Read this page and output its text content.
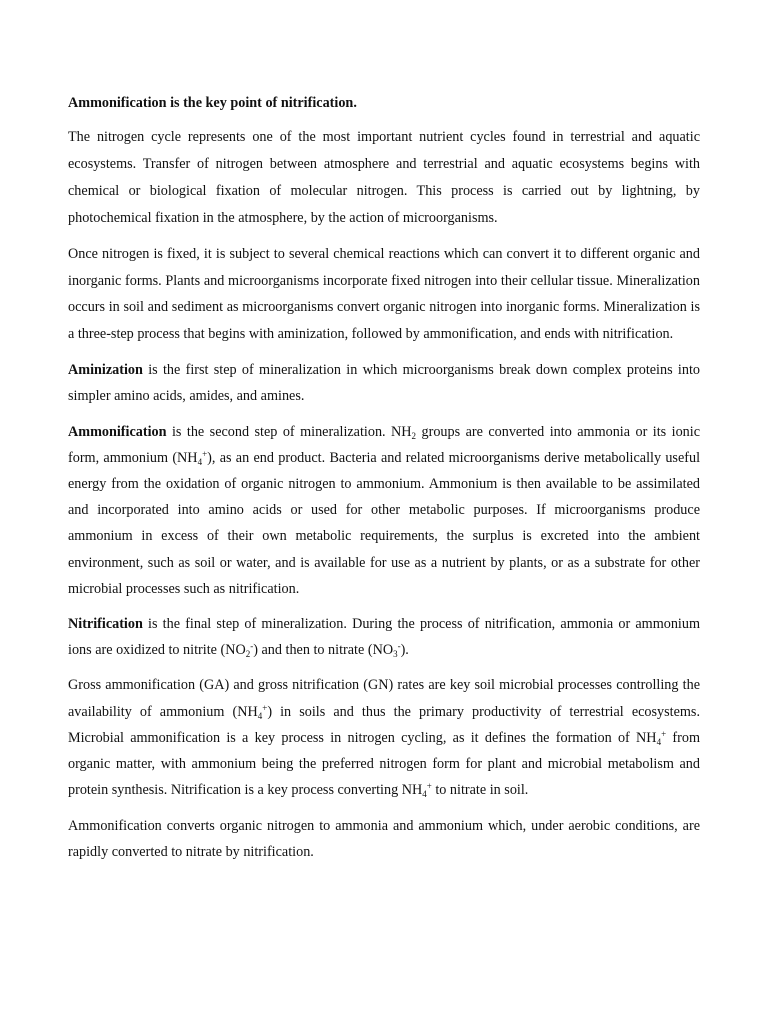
Ammonification is the key point of nitrification.

The nitrogen cycle represents one of the most important nutrient cycles found in terrestrial and aquatic ecosystems. Transfer of nitrogen between atmosphere and terrestrial and aquatic ecosystems begins with chemical or biological fixation of molecular nitrogen. This process is carried out by lightning, by photochemical fixation in the atmosphere, by the action of microorganisms.

Once nitrogen is fixed, it is subject to several chemical reactions which can convert it to different organic and inorganic forms. Plants and microorganisms incorporate fixed nitrogen into their cellular tissue. Mineralization occurs in soil and sediment as microorganisms convert organic nitrogen into inorganic forms. Mineralization is a three-step process that begins with aminization, followed by ammonification, and ends with nitrification.

Aminization is the first step of mineralization in which microorganisms break down complex proteins into simpler amino acids, amides, and amines.

Ammonification is the second step of mineralization. $NH_2$ groups are converted into ammonia or its ionic form, ammonium $(NH_4^+)$, as an end product. Bacteria and related microorganisms derive metabolically useful energy from the oxidation of organic nitrogen to ammonium. Ammonium is then available to be assimilated and incorporated into amino acids or used for other metabolic purposes. If microorganisms produce ammonium in excess of their own metabolic requirements, the surplus is excreted into the ambient environment, such as soil or water, and is available for use as a nutrient by plants, or as a substrate for other microbial processes such as nitrification.

Nitrification is the final step of mineralization. During the process of nitrification, ammonia or ammonium ions are oxidized to nitrite $(NO_2^-)$ and then to nitrate $(NO_3^-)$.

Gross ammonification (GA) and gross nitrification (GN) rates are key soil microbial processes controlling the availability of ammonium $(NH_4^+)$ in soils and thus the primary productivity of terrestrial ecosystems. Microbial ammonification is a key process in nitrogen cycling, as it defines the formation of $NH_4^+$ from organic matter, with ammonium being the preferred nitrogen form for plant and microbial metabolism and protein synthesis. Nitrification is a key process converting $NH_4^+$ to nitrate in soil.

Ammonification converts organic nitrogen to ammonia and ammonium which, under aerobic conditions, are rapidly converted to nitrate by nitrification.
